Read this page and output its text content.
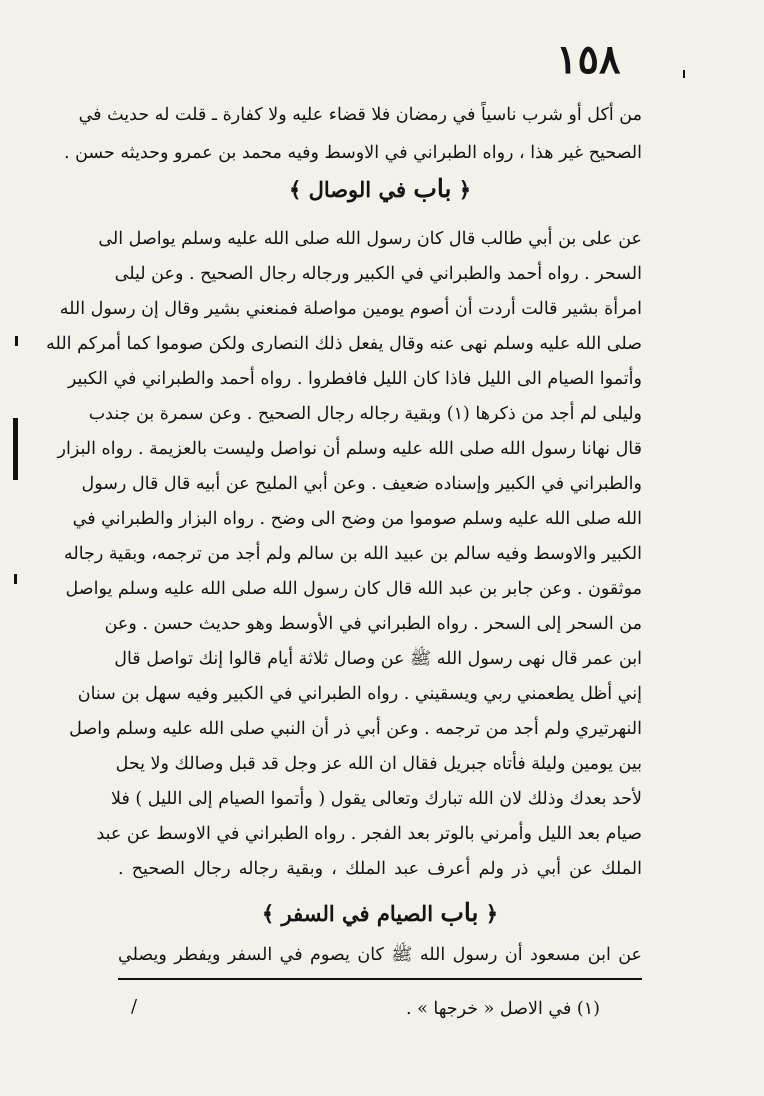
١٥٨
من أكل أو شرب ناسياً في رمضان فلا قضاء عليه ولا كفارة ـ قلت له حديث في
الصحيح غير هذا ، رواه الطبراني في الاوسط وفيه محمد بن عمرو وحديثه حسن .
﴿ باب في الوصال ﴾
عن على بن أبي طالب قال كان رسول الله صلى الله عليه وسلم يواصل الى
السحر . رواه أحمد والطبراني في الكبير ورجاله رجال الصحيح . وعن ليلى
امرأة بشير قالت أردت أن أصوم يومين مواصلة فمنعني بشير وقال إن رسول الله
صلى الله عليه وسلم نهى عنه وقال يفعل ذلك النصارى ولكن صوموا كما أمركم الله
وأتموا الصيام الى الليل فاذا كان الليل فافطروا . رواه أحمد والطبراني في الكبير
وليلى لم أجد من ذكرها (١) وبقية رجاله رجال الصحيح . وعن سمرة بن جندب
قال نهانا رسول الله صلى الله عليه وسلم أن نواصل وليست بالعزيمة . رواه البزار
والطبراني في الكبير وإسناده ضعيف . وعن أبي المليح عن أبيه قال قال رسول
الله صلى الله عليه وسلم صوموا من وضح الى وضح . رواه البزار والطبراني في
الكبير والاوسط وفيه سالم بن عبيد الله بن سالم ولم أجد من ترجمه، وبقية رجاله
موثقون . وعن جابر بن عبد الله قال كان رسول الله صلى الله عليه وسلم يواصل
من السحر إلى السحر . رواه الطبراني في الأوسط وهو حديث حسن . وعن
ابن عمر قال نهى رسول الله ﷺ عن وصال ثلاثة أيام قالوا إنك تواصل قال
إني أظل يطعمني ربي ويسقيني . رواه الطبراني في الكبير وفيه سهل بن سنان
النهرتيري ولم أجد من ترجمه . وعن أبي ذر أن النبي صلى الله عليه وسلم واصل
بين يومين وليلة فأتاه جبريل فقال ان الله عز وجل قد قبل وصالك ولا يحل
لأحد بعدك وذلك لان الله تبارك وتعالى يقول ( وأتموا الصيام إلى الليل ) فلا
صيام بعد الليل وأمرني بالوتر بعد الفجر . رواه الطبراني في الاوسط عن عبد
الملك عن أبي ذر ولم أعرف عبد الملك ، وبقية رجاله رجال الصحيح .
﴿ باب الصيام في السفر ﴾
عن ابن مسعود أن رسول الله ﷺ كان يصوم في السفر ويفطر ويصلي
(١) في الاصل « خرجها » .
/
